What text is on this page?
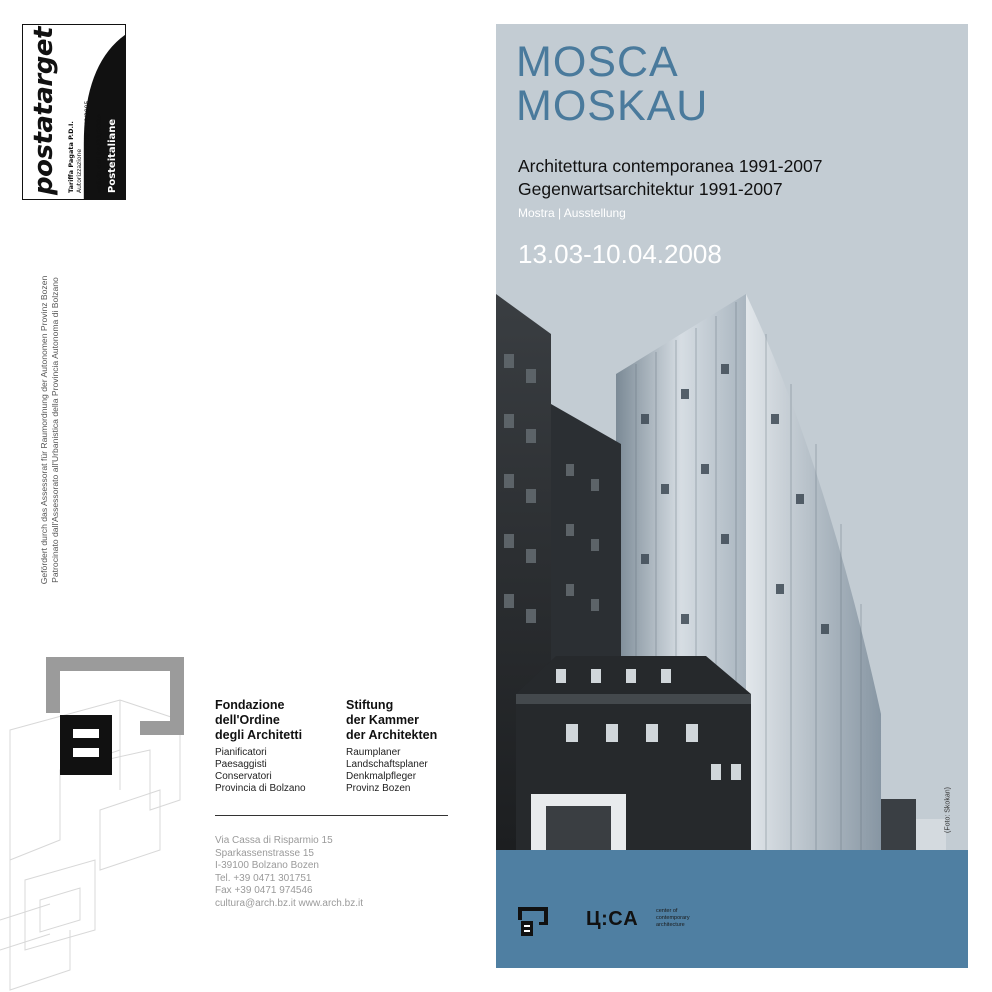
postatarget Tariffa Pagata P.D.I. Autorizzazione DCB/ACBNE BZ/PDI/1056/2005 valida dal 04/03/2005 Posteitaliane
Gefördert durch das Assessorat für Raumordnung der Autonomen Provinz Bozen Patrocinato dall'Assessorato all'Urbanistica della Provincia Autonoma di Bolzano
Fondazione
dell'Ordine
degli Architetti
Pianificatori
Paesaggisti
Conservatori
Provincia di Bolzano
Stiftung
der Kammer
der Architekten
Raumplaner
Landschaftsplaner
Denkmalpfleger
Provinz Bozen
Via Cassa di Risparmio 15
Sparkassenstrasse 15
I-39100 Bolzano Bozen
Tel. +39 0471 301751
Fax +39 0471 974546
cultura@arch.bz.it www.arch.bz.it
MOSCA
MOSKAU
Architettura contemporanea 1991-2007
Gegenwartsarchitektur 1991-2007
Mostra | Ausstellung
13.03-10.04.2008
(Foto: Skokan)
Ц:CA	center of
contemporary
architecture
